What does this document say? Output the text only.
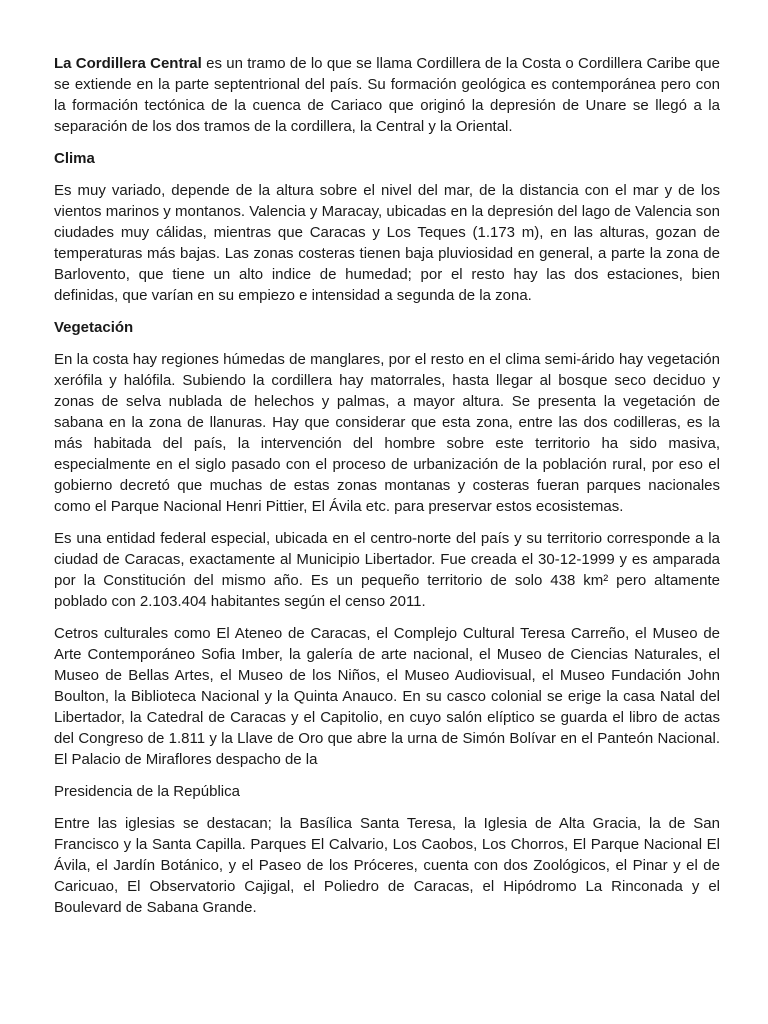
La Cordillera Central es un tramo de lo que se llama Cordillera de la Costa o Cordillera Caribe que se extiende en la parte septentrional del país. Su formación geológica es contemporánea pero con la formación tectónica de la cuenca de Cariaco que originó la depresión de Unare se llegó a la separación de los dos tramos de la cordillera, la Central y la Oriental.

Clima

Es muy variado, depende de la altura sobre el nivel del mar, de la distancia con el mar y de los vientos marinos y montanos. Valencia y Maracay, ubicadas en la depresión del lago de Valencia son ciudades muy cálidas, mientras que Caracas y Los Teques (1.173 m), en las alturas, gozan de temperaturas más bajas. Las zonas costeras tienen baja pluviosidad en general, a parte la zona de Barlovento, que tiene un alto indice de humedad; por el resto hay las dos estaciones, bien definidas, que varían en su empiezo e intensidad a segunda de la zona.

Vegetación

En la costa hay regiones húmedas de manglares, por el resto en el clima semi-árido hay vegetación xerófila y halófila. Subiendo la cordillera hay matorrales, hasta llegar al bosque seco deciduo y zonas de selva nublada de helechos y palmas, a mayor altura. Se presenta la vegetación de sabana en la zona de llanuras. Hay que considerar que esta zona, entre las dos codilleras, es la más habitada del país, la intervención del hombre sobre este territorio ha sido masiva, especialmente en el siglo pasado con el proceso de urbanización de la población rural, por eso el gobierno decretó que muchas de estas zonas montanas y costeras fueran parques nacionales como el Parque Nacional Henri Pittier, El Ávila etc. para preservar estos ecosistemas.

Es una entidad federal especial, ubicada en el centro-norte del país y su territorio corresponde a la ciudad de Caracas, exactamente al Municipio Libertador. Fue creada el 30-12-1999 y es amparada por la Constitución del mismo año. Es un pequeño territorio de solo 438 km² pero altamente poblado con 2.103.404 habitantes según el censo 2011.

Cetros culturales como El Ateneo de Caracas, el Complejo Cultural Teresa Carreño, el Museo de Arte Contemporáneo Sofia Imber, la galería de arte nacional, el Museo de Ciencias Naturales, el Museo de Bellas Artes, el Museo de los Niños, el Museo Audiovisual, el Museo Fundación John Boulton, la Biblioteca Nacional y la Quinta Anauco. En su casco colonial se erige la casa Natal del Libertador, la Catedral de Caracas y el Capitolio, en cuyo salón elíptico se guarda el libro de actas del Congreso de 1.811 y la Llave de Oro que abre la urna de Simón Bolívar en el Panteón Nacional. El Palacio de Miraflores despacho de la

Presidencia de la República

Entre las iglesias se destacan; la Basílica Santa Teresa, la Iglesia de Alta Gracia, la de San Francisco y la Santa Capilla. Parques El Calvario, Los Caobos, Los Chorros, El Parque Nacional El Ávila, el Jardín Botánico, y el Paseo de los Próceres, cuenta con dos Zoológicos, el Pinar y el de Caricuao, El Observatorio Cajigal, el Poliedro de Caracas, el Hipódromo La Rinconada y el Boulevard de Sabana Grande.
